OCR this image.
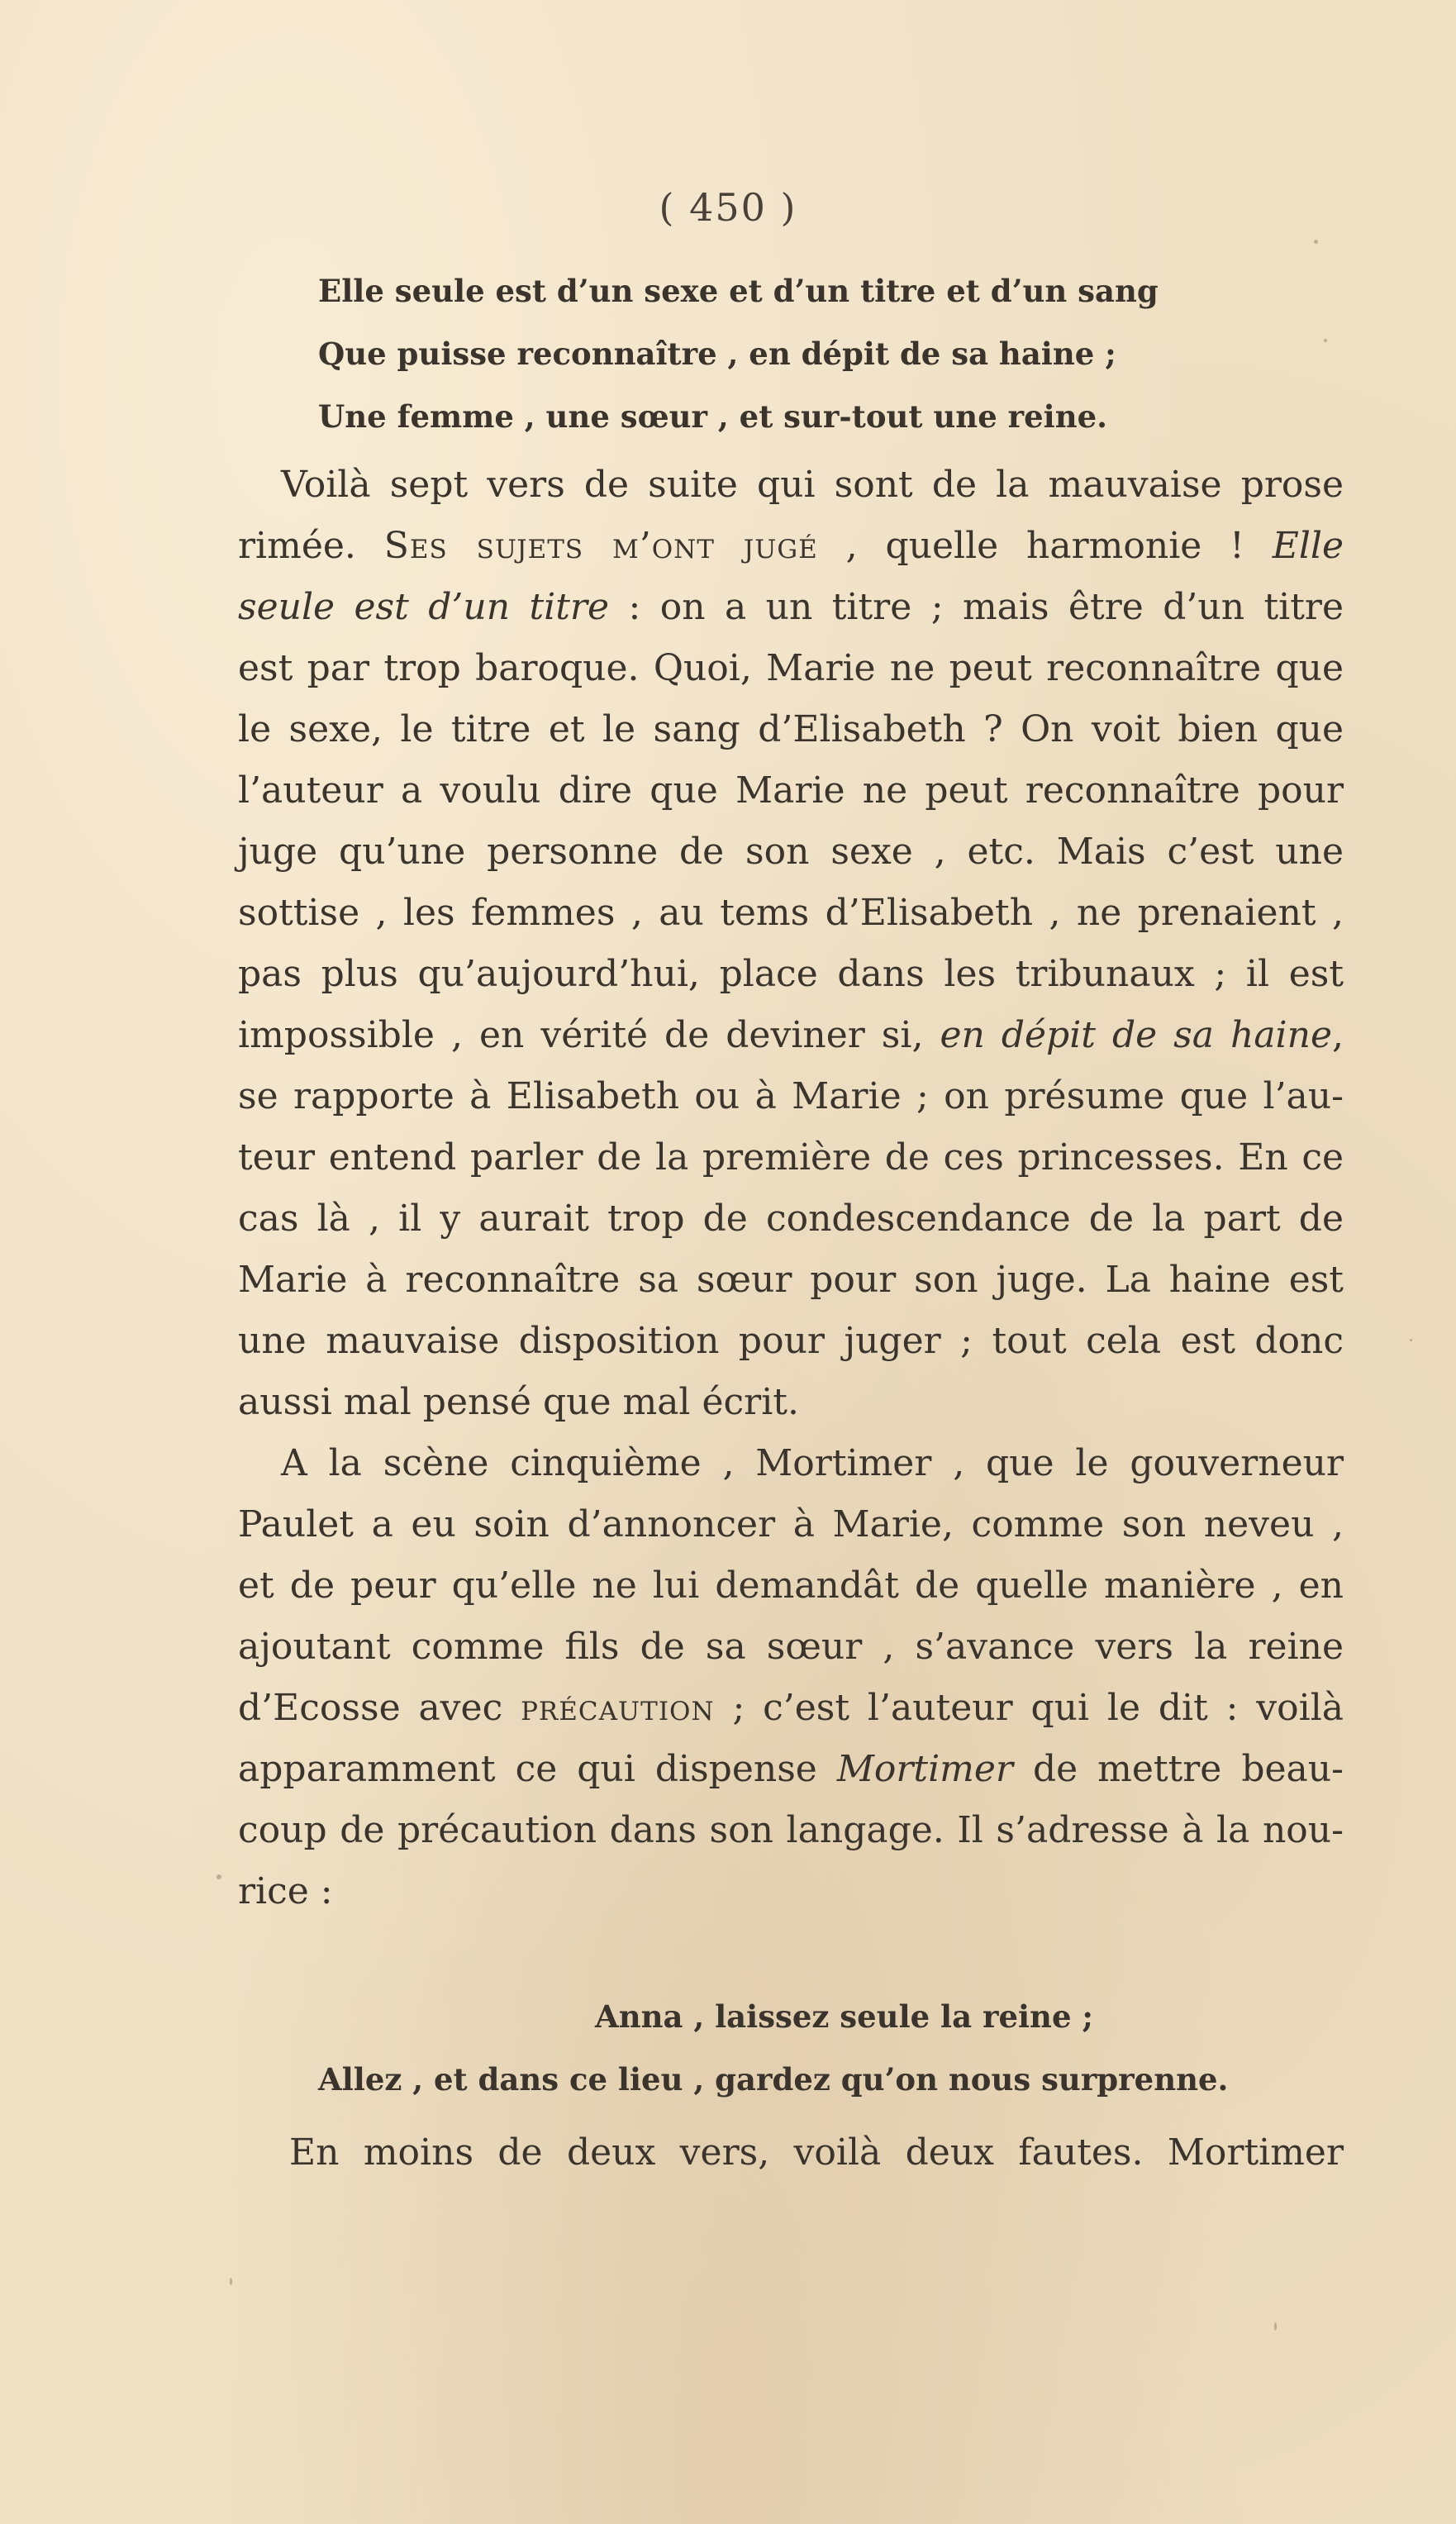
( 450 )
Elle seule est d’un sexe et d’un titre et d’un sang
Que puisse reconnaître , en dépit de sa haine ;
Une femme , une sœur , et sur-tout une reine.
Voilà sept vers de suite qui sont de la mauvaise prose
rimée. Ses sujets m’ont jugé , quelle harmonie ! Elle
seule est d’un titre : on a un titre ; mais être d’un titre
est par trop baroque. Quoi, Marie ne peut reconnaître que
le sexe, le titre et le sang d’Elisabeth ? On voit bien que
l’auteur a voulu dire que Marie ne peut reconnaître pour
juge qu’une personne de son sexe , etc. Mais c’est une
sottise , les femmes , au tems d’Elisabeth , ne prenaient ,
pas plus qu’aujourd’hui, place dans les tribunaux ; il est
impossible , en vérité de deviner si, en dépit de sa haine,
se rapporte à Elisabeth ou à Marie ; on présume que l’au-
teur entend parler de la première de ces princesses. En ce
cas là , il y aurait trop de condescendance de la part de
Marie à reconnaître sa sœur pour son juge. La haine est
une mauvaise disposition pour juger ; tout cela est donc
aussi mal pensé que mal écrit.
A la scène cinquième , Mortimer , que le gouverneur
Paulet a eu soin d’annoncer à Marie, comme son neveu ,
et de peur qu’elle ne lui demandât de quelle manière , en
ajoutant comme fils de sa sœur , s’avance vers la reine
d’Ecosse avec précaution ; c’est l’auteur qui le dit : voilà
apparamment ce qui dispense Mortimer de mettre beau-
coup de précaution dans son langage. Il s’adresse à la nou-
rice :
Anna , laissez seule la reine ;
Allez , et dans ce lieu , gardez qu’on nous surprenne.
En moins de deux vers, voilà deux fautes. Mortimer
